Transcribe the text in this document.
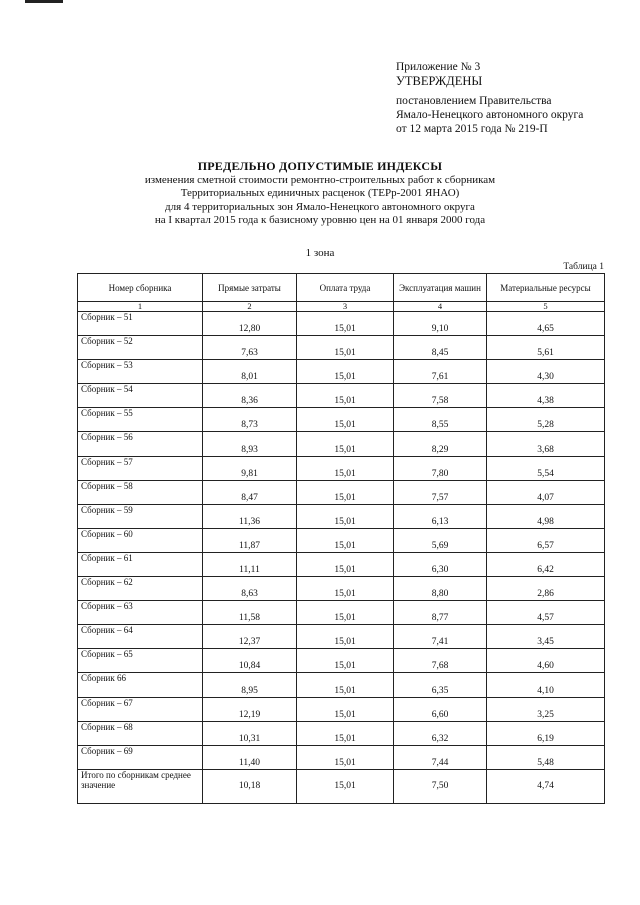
Приложение № 3
УТВЕРЖДЕНЫ
постановлением Правительства
Ямало-Ненецкого автономного округа
от 12 марта 2015 года № 219-П
ПРЕДЕЛЬНО ДОПУСТИМЫЕ ИНДЕКСЫ
изменения сметной стоимости ремонтно-строительных работ к сборникам
Территориальных единичных расценок (ТЕРр-2001 ЯНАО)
для 4 территориальных зон Ямало-Ненецкого автономного округа
на I квартал 2015 года к базисному уровню цен на 01 января 2000 года
1 зона
Таблица 1
Номер сборника	Прямые затраты	Оплата труда	Эксплуатация машин	Материальные ресурсы
1	2	3	4	5
Сборник – 51	12,80	15,01	9,10	4,65
Сборник – 52	7,63	15,01	8,45	5,61
Сборник – 53	8,01	15,01	7,61	4,30
Сборник – 54	8,36	15,01	7,58	4,38
Сборник – 55	8,73	15,01	8,55	5,28
Сборник – 56	8,93	15,01	8,29	3,68
Сборник – 57	9,81	15,01	7,80	5,54
Сборник – 58	8,47	15,01	7,57	4,07
Сборник – 59	11,36	15,01	6,13	4,98
Сборник – 60	11,87	15,01	5,69	6,57
Сборник – 61	11,11	15,01	6,30	6,42
Сборник – 62	8,63	15,01	8,80	2,86
Сборник – 63	11,58	15,01	8,77	4,57
Сборник – 64	12,37	15,01	7,41	3,45
Сборник – 65	10,84	15,01	7,68	4,60
Сборник 66	8,95	15,01	6,35	4,10
Сборник – 67	12,19	15,01	6,60	3,25
Сборник – 68	10,31	15,01	6,32	6,19
Сборник – 69	11,40	15,01	7,44	5,48
Итого по сборникам среднее значение	10,18	15,01	7,50	4,74
